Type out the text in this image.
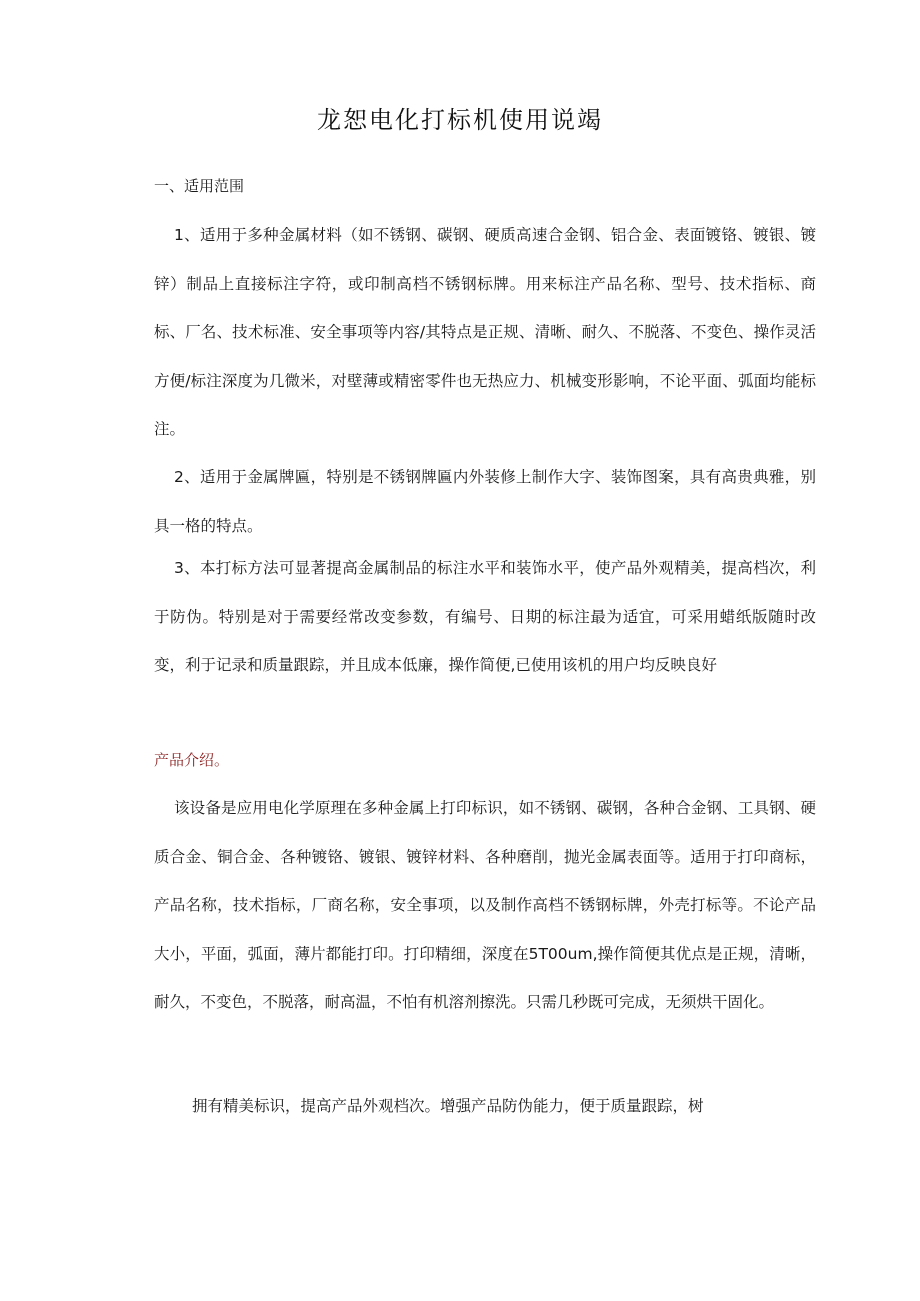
龙恕电化打标机使用说竭
一、适用范围

1、适用于多种金属材料（如不锈钢、碳钢、硬质高速合金钢、铝合金、表面镀铬、镀银、镀锌）制品上直接标注字符，或印制高档不锈钢标牌。用来标注产品名称、型号、技术指标、商标、厂名、技术标准、安全事项等内容/其特点是正规、清晰、耐久、不脱落、不变色、操作灵活方便/标注深度为几微米，对壁薄或精密零件也无热应力、机械变形影响，不论平面、弧面均能标注。

2、适用于金属牌匾，特别是不锈钢牌匾内外装修上制作大字、装饰图案，具有高贵典雅，别具一格的特点。

3、本打标方法可显著提高金属制品的标注水平和装饰水平，使产品外观精美，提高档次，利于防伪。特别是对于需要经常改变参数，有编号、日期的标注最为适宜，可采用蜡纸版随时改变，利于记录和质量跟踪，并且成本低廉，操作简便,已使用该机的用户均反映良好

产品介绍。

该设备是应用电化学原理在多种金属上打印标识，如不锈钢、碳钢，各种合金钢、工具钢、硬质合金、铜合金、各种镀铬、镀银、镀锌材料、各种磨削，抛光金属表面等。适用于打印商标，产品名称，技术指标，厂商名称，安全事项，以及制作高档不锈钢标牌，外壳打标等。不论产品大小，平面，弧面，薄片都能打印。打印精细，深度在5T00um,操作简便其优点是正规，清晰，耐久，不变色，不脱落，耐高温，不怕有机溶剂擦洗。只需几秒既可完成，无须烘干固化。

拥有精美标识，提高产品外观档次。增强产品防伪能力，便于质量跟踪，树
